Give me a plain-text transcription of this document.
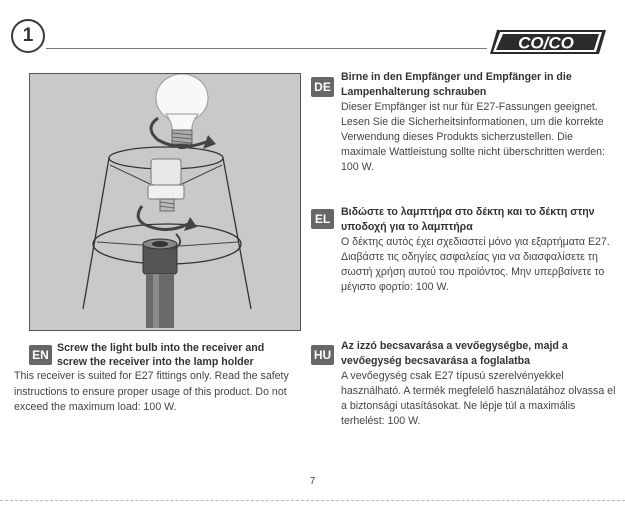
1	CO/CO
DE
Birne in den Empfänger und Empfänger in die Lampenhalterung schrauben
Dieser Empfänger ist nur für E27-Fassungen geeignet. Lesen Sie die Sicherheitsinformationen, um die korrekte Verwendung dieses Produkts sicherzustellen. Die maximale Wattleistung sollte nicht überschritten werden: 100 W.
EL	Βιδώστε το λαμπτήρα στο δέκτη και το δέκτη στην υποδοχή για το λαμπτήρα
Ο δέκτης αυτός έχει σχεδιαστεί μόνο για εξαρτήματα E27. Διαβάστε τις οδηγίες ασφαλείας για να διασφαλίσετε τη σωστή χρήση αυτού του προϊόντος. Μην υπερβαίνετε το μέγιστο φορτίο: 100 W.
HU
Az izzó becsavarása a vevőegységbe, majd a vevőegység becsavarása a foglalatba
A vevőegység csak E27 típusú szerelvényekkel használható. A termék megfelelő használatához olvassa el a biztonsági utasításokat. Ne lépje túl a maximális terhelést: 100 W.
EN Screw the light bulb into the receiver and screw the receiver into the lamp holder
This receiver is suited for E27 fittings only. Read the safety instructions to ensure proper usage of this product. Do not exceed the maximum load: 100 W.
7
